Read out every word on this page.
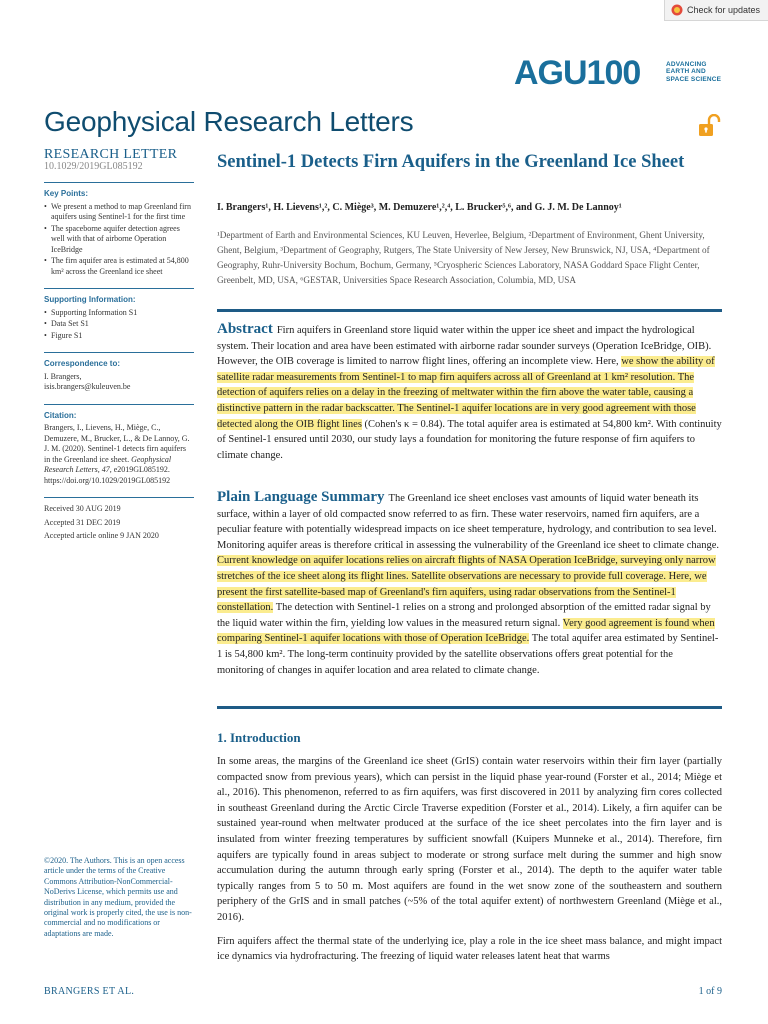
Check for updates
AGU100	ADVANCING
EARTH AND
SPACE SCIENCE
Geophysical Research Letters
RESEARCH LETTER
10.1029/2019GL085192
Key Points:
• We present a method to map Greenland firn aquifers using Sentinel-1 for the first time
• The spaceborne aquifer detection agrees well with that of airborne Operation IceBridge
• The firn aquifer area is estimated at 54,800 km² across the Greenland ice sheet
Supporting Information:
• Supporting Information S1
• Data Set S1
• Figure S1
Correspondence to:
I. Brangers,
isis.brangers@kuleuven.be
Citation:
Brangers, I., Lievens, H., Miège, C., Demuzere, M., Brucker, L., & De Lannoy, G. J. M. (2020). Sentinel-1 detects firn aquifers in the Greenland ice sheet. Geophysical Research Letters, 47, e2019GL085192. https://doi.org/10.1029/2019GL085192
Received 30 AUG 2019
Accepted 31 DEC 2019
Accepted article online 9 JAN 2020
©2020. The Authors. This is an open access article under the terms of the Creative Commons Attribution-NonCommercial-NoDerivs License, which permits use and distribution in any medium, provided the original work is properly cited, the use is non-commercial and no modifications or adaptations are made.
Sentinel-1 Detects Firn Aquifers in the Greenland Ice Sheet
I. Brangers¹, H. Lievens¹,², C. Miège³, M. Demuzere¹,²,⁴, L. Brucker⁵,⁶, and G. J. M. De Lannoy¹
¹Department of Earth and Environmental Sciences, KU Leuven, Heverlee, Belgium, ²Department of Environment, Ghent University, Ghent, Belgium, ³Department of Geography, Rutgers, The State University of New Jersey, New Brunswick, NJ, USA, ⁴Department of Geography, Ruhr-University Bochum, Bochum, Germany, ⁵Cryospheric Sciences Laboratory, NASA Goddard Space Flight Center, Greenbelt, MD, USA, ⁶GESTAR, Universities Space Research Association, Columbia, MD, USA
Abstract Firn aquifers in Greenland store liquid water within the upper ice sheet and impact the hydrological system. Their location and area have been estimated with airborne radar sounder surveys (Operation IceBridge, OIB). However, the OIB coverage is limited to narrow flight lines, offering an incomplete view. Here, we show the ability of satellite radar measurements from Sentinel-1 to map firn aquifers across all of Greenland at 1 km² resolution. The detection of aquifers relies on a delay in the freezing of meltwater within the firn above the water table, causing a distinctive pattern in the radar backscatter. The Sentinel-1 aquifer locations are in very good agreement with those detected along the OIB flight lines (Cohen's κ = 0.84). The total aquifer area is estimated at 54,800 km². With continuity of Sentinel-1 ensured until 2030, our study lays a foundation for monitoring the future response of firn aquifers to climate change.
Plain Language Summary The Greenland ice sheet encloses vast amounts of liquid water beneath its surface, within a layer of old compacted snow referred to as firn. These water reservoirs, named firn aquifers, are a peculiar feature with potentially widespread impacts on ice sheet temperature, hydrology, and contribution to sea level. Monitoring aquifer areas is therefore critical in assessing the vulnerability of the Greenland ice sheet to climate change. Current knowledge on aquifer locations relies on aircraft flights of NASA Operation IceBridge, surveying only narrow stretches of the ice sheet along its flight lines. Satellite observations are necessary to provide full coverage. Here, we present the first satellite-based map of Greenland's firn aquifers, using radar observations from the Sentinel-1 constellation. The detection with Sentinel-1 relies on a strong and prolonged absorption of the emitted radar signal by the liquid water within the firn, yielding low values in the measured return signal. Very good agreement is found when comparing Sentinel-1 aquifer locations with those of Operation IceBridge. The total aquifer area estimated by Sentinel-1 is 54,800 km². The long-term continuity provided by the satellite observations offers great potential for the monitoring of changes in aquifer location and area related to climate change.
1. Introduction

In some areas, the margins of the Greenland ice sheet (GrIS) contain water reservoirs within their firn layer (partially compacted snow from previous years), which can persist in the liquid phase year-round (Forster et al., 2014; Miège et al., 2016). This phenomenon, referred to as firn aquifers, was first discovered in 2011 by analyzing firn cores collected in southeast Greenland during the Arctic Circle Traverse expedition (Forster et al., 2014). Likely, a firn aquifer can be sustained year-round when meltwater produced at the surface of the ice sheet percolates into the firn layer and is insulated from winter freezing temperatures by sufficient snowfall (Kuipers Munneke et al., 2014). Therefore, firn aquifers are typically found in areas subject to moderate or strong surface melt during the summer and high snow accumulation during the autumn through early spring (Forster et al., 2014). The depth to the aquifer water table typically ranges from 5 to 50 m. Most aquifers are found in the wet snow zone of the southeastern and southern periphery of the GrIS and in small patches (~5% of the total aquifer extent) of northwestern Greenland (Miège et al., 2016).

Firn aquifers affect the thermal state of the underlying ice, play a role in the ice sheet mass balance, and might impact ice dynamics via hydrofracturing. The freezing of liquid water releases latent heat that warms

BRANGERS ET AL.	1 of 9
